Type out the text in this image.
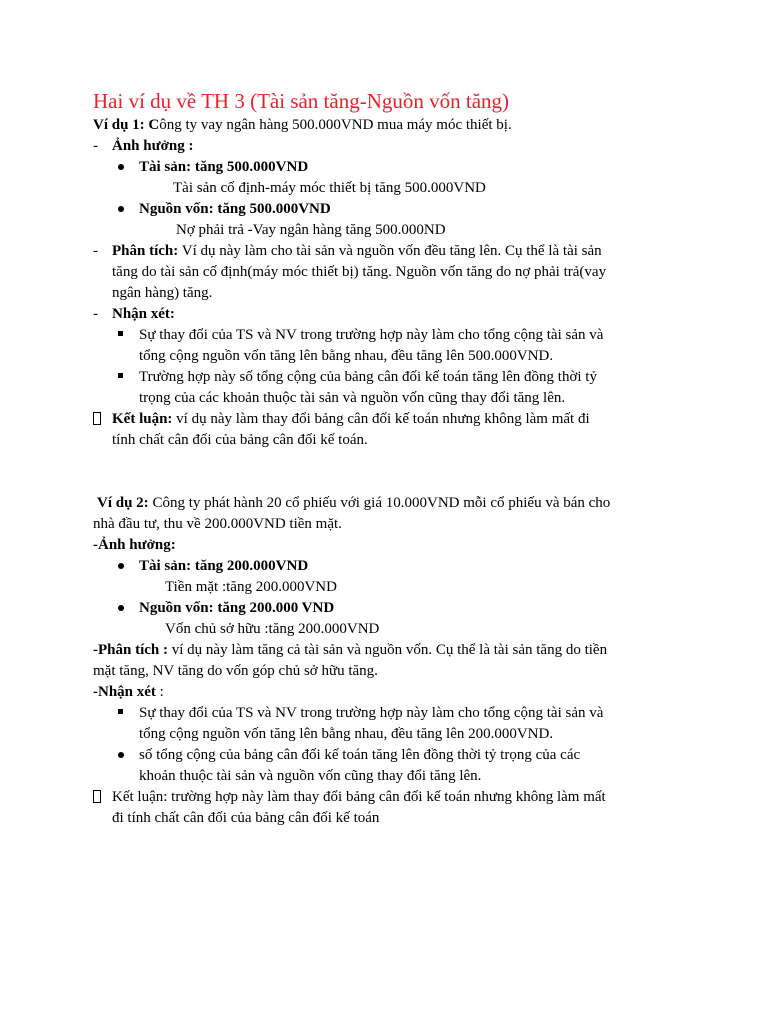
Hai ví dụ về TH 3 (Tài sản tăng-Nguồn vốn tăng)
Ví dụ 1: Công ty vay ngân hàng 500.000VND mua máy móc thiết bị.
- Ảnh hưởng :
Tài sản: tăng 500.000VND
Tài sản cố định-máy móc thiết bị tăng 500.000VND
Nguồn vốn: tăng 500.000VND
Nợ phải trả -Vay ngân hàng tăng 500.000ND
- Phân tích: Ví dụ này làm cho tài sản và nguồn vốn đều tăng lên. Cụ thể là tài sản
tăng do tài sản cố định(máy móc thiết bị) tăng. Nguồn vốn tăng do nợ phải trả(vay
ngân hàng) tăng.
- Nhận xét:
Sự thay đổi của TS và NV trong trường hợp này làm cho tổng cộng tài sản và
tổng cộng nguồn vốn tăng lên bằng nhau, đều tăng lên 500.000VND.
Trường hợp này số tổng cộng của bảng cân đối kế toán tăng lên đồng thời tỷ
trọng của các khoản thuộc tài sản và nguồn vốn cũng thay đổi tăng lên.
Kết luận: ví dụ này làm thay đổi bảng cân đối kế toán nhưng không làm mất đi
tính chất cân đối của bảng cân đối kế toán.
Ví dụ 2: Công ty phát hành 20 cổ phiếu với giá 10.000VND mỗi cổ phiếu và bán cho
nhà đầu tư, thu về 200.000VND tiền mặt.
-Ảnh hưởng:
Tài sản: tăng 200.000VND
Tiền mặt :tăng 200.000VND
Nguồn vốn: tăng 200.000 VND
Vốn chủ sở hữu :tăng 200.000VND
-Phân tích : ví dụ này làm tăng cả tài sản và nguồn vốn. Cụ thể là tài sản tăng do tiền
mặt tăng, NV tăng do vốn góp chủ sở hữu tăng.
-Nhận xét :
Sự thay đổi của TS và NV trong trường hợp này làm cho tổng cộng tài sản và
tổng cộng nguồn vốn tăng lên bằng nhau, đều tăng lên 200.000VND.
số tổng cộng của bảng cân đối kế toán tăng lên đồng thời tỷ trọng của các
khoản thuộc tài sản và nguồn vốn cũng thay đổi tăng lên.
Kết luận: trường hợp này làm thay đổi bảng cân đối kế toán nhưng không làm mất
đi tính chất cân đối của bảng cân đối kế toán
